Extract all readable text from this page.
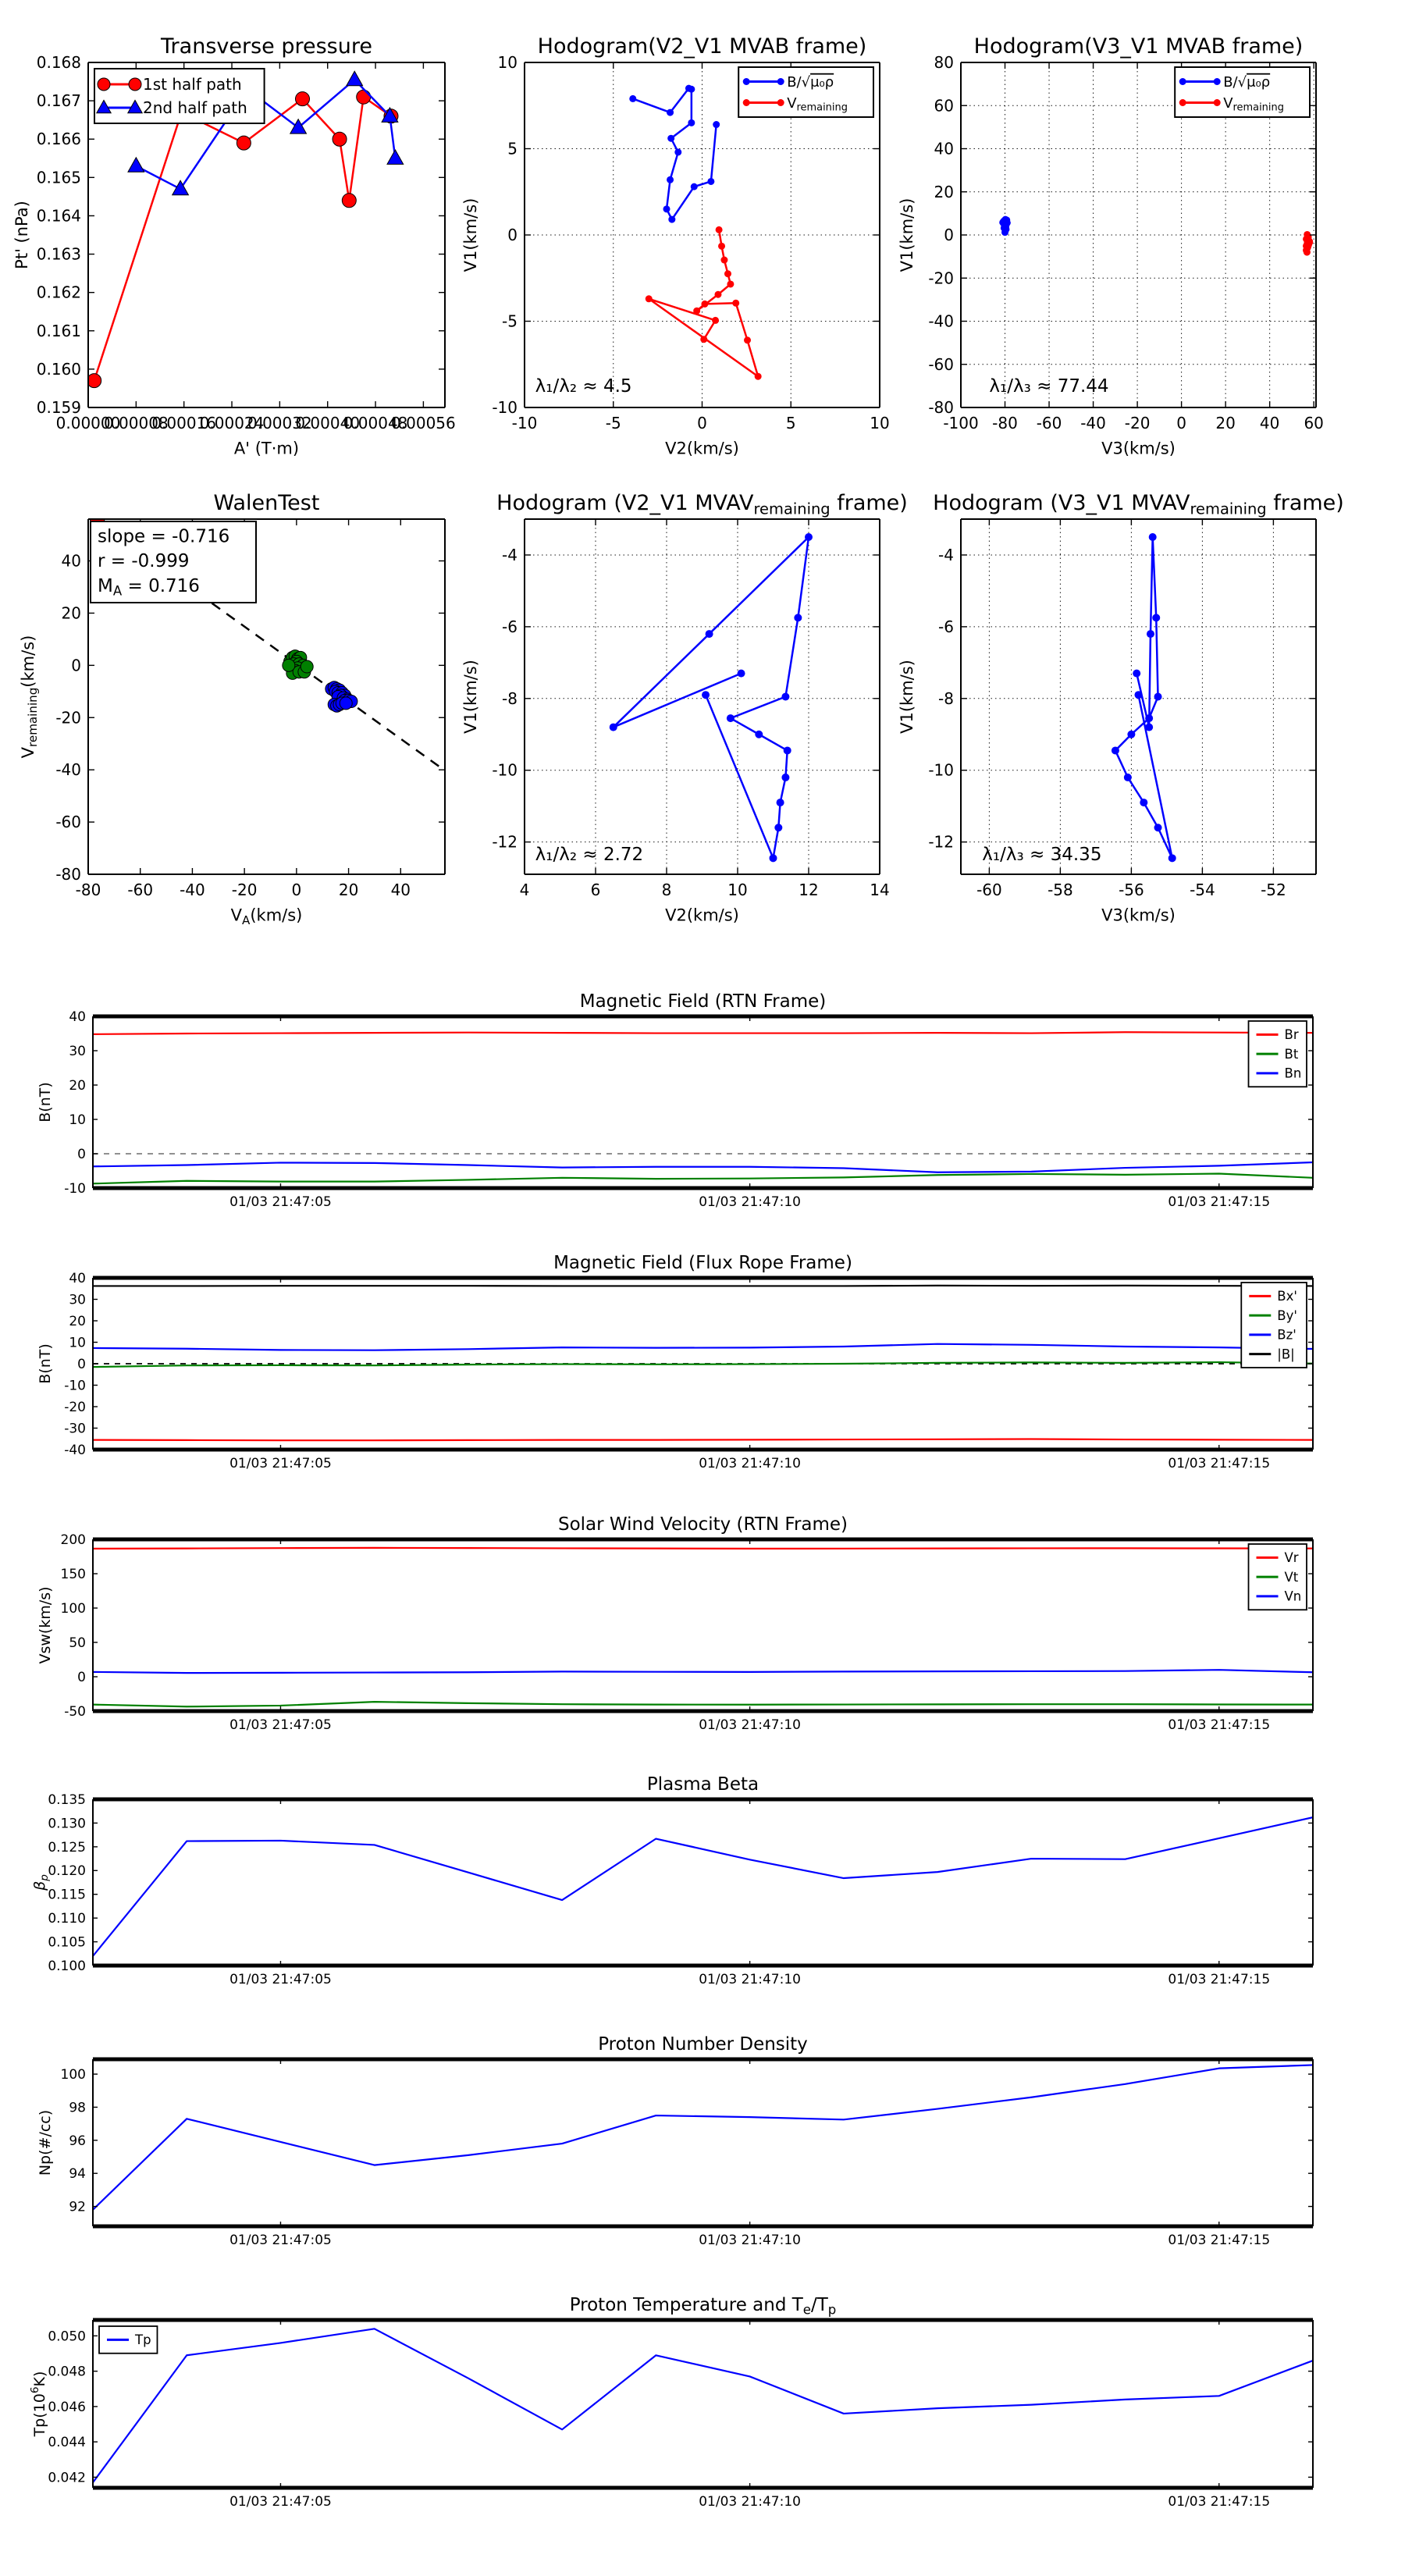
0.00000
0.00008
0.00016
0.00024
0.00032
0.00040
0.00048
0.00056
0.159
0.160
0.161
0.162
0.163
0.164
0.165
0.166
0.167
0.168
Transverse pressure
A' (T·m)
Pt' (nPa)
1st half path
2nd half path
-10	-5	0	5	10
-10
-5
0
5
10
Hodogram(V2_V1 MVAB frame)
V2(km/s)
V1(km/s)
λ₁/λ₂ ≈ 4.5
B/√μ₀ρ
$V_{remaining}$
-100 -80 -60 -40 -20 0 20 40 60
-80
-60
-40
-20
0
20
40
60
80
Hodogram(V3_V1 MVAB frame)
V3(km/s)
V1(km/s)
λ₁/λ₃ ≈ 77.44
B/√μ₀ρ
$V_{remaining}$
-80 -60 -40 -20 0 20 40
-80
-60
-40
-20
0
20
40
WalenTest
$V_A(km/s)$
$V_{remaining}(km/s)$
slope = -0.716
r = -0.999
$M_A = 0.716$
4	6	8	10	12	14
-12
-10
-8
-6
-4
Hodogram (V2_V1 $MVAV_{remaining}$ frame)
V2(km/s)
V1(km/s)
λ₁/λ₂ ≈ 2.72
-60	-58	-56	-54	-52
-12
-10
-8
-6
-4
Hodogram (V3_V1 $MVAV_{remaining}$ frame)
V3(km/s)
V1(km/s)
λ₁/λ₃ ≈ 34.35
01/03 21:47:05	01/03 21:47:10	01/03 21:47:15
-10
0
10
20
30
40
Magnetic Field (RTN Frame)
B(nT)
Br
Bt
Bn
01/03 21:47:05	01/03 21:47:10	01/03 21:47:15
-40
-30
-20
-10
0
10
20
30
40
Magnetic Field (Flux Rope Frame)
B(nT)
Bx'
By'
Bz'
|B|
01/03 21:47:05	01/03 21:47:10	01/03 21:47:15
-50
0
50
100
150
200
Solar Wind Velocity (RTN Frame)
Vsw(km/s)
Vr
Vt
Vn
01/03 21:47:05	01/03 21:47:10	01/03 21:47:15
0.100
0.105
0.110
0.115
0.120
0.125
0.130
0.135
Plasma Beta
$\beta_p$
01/03 21:47:05	01/03 21:47:10	01/03 21:47:15
92
94
96
98
100
Proton Number Density
Np(#/cc)
01/03 21:47:05	01/03 21:47:10	01/03 21:47:15
0.042
0.044
0.046
0.048
0.050
Proton Temperature and $T_e/T_p$
$Tp(10^6K)$
Tp
